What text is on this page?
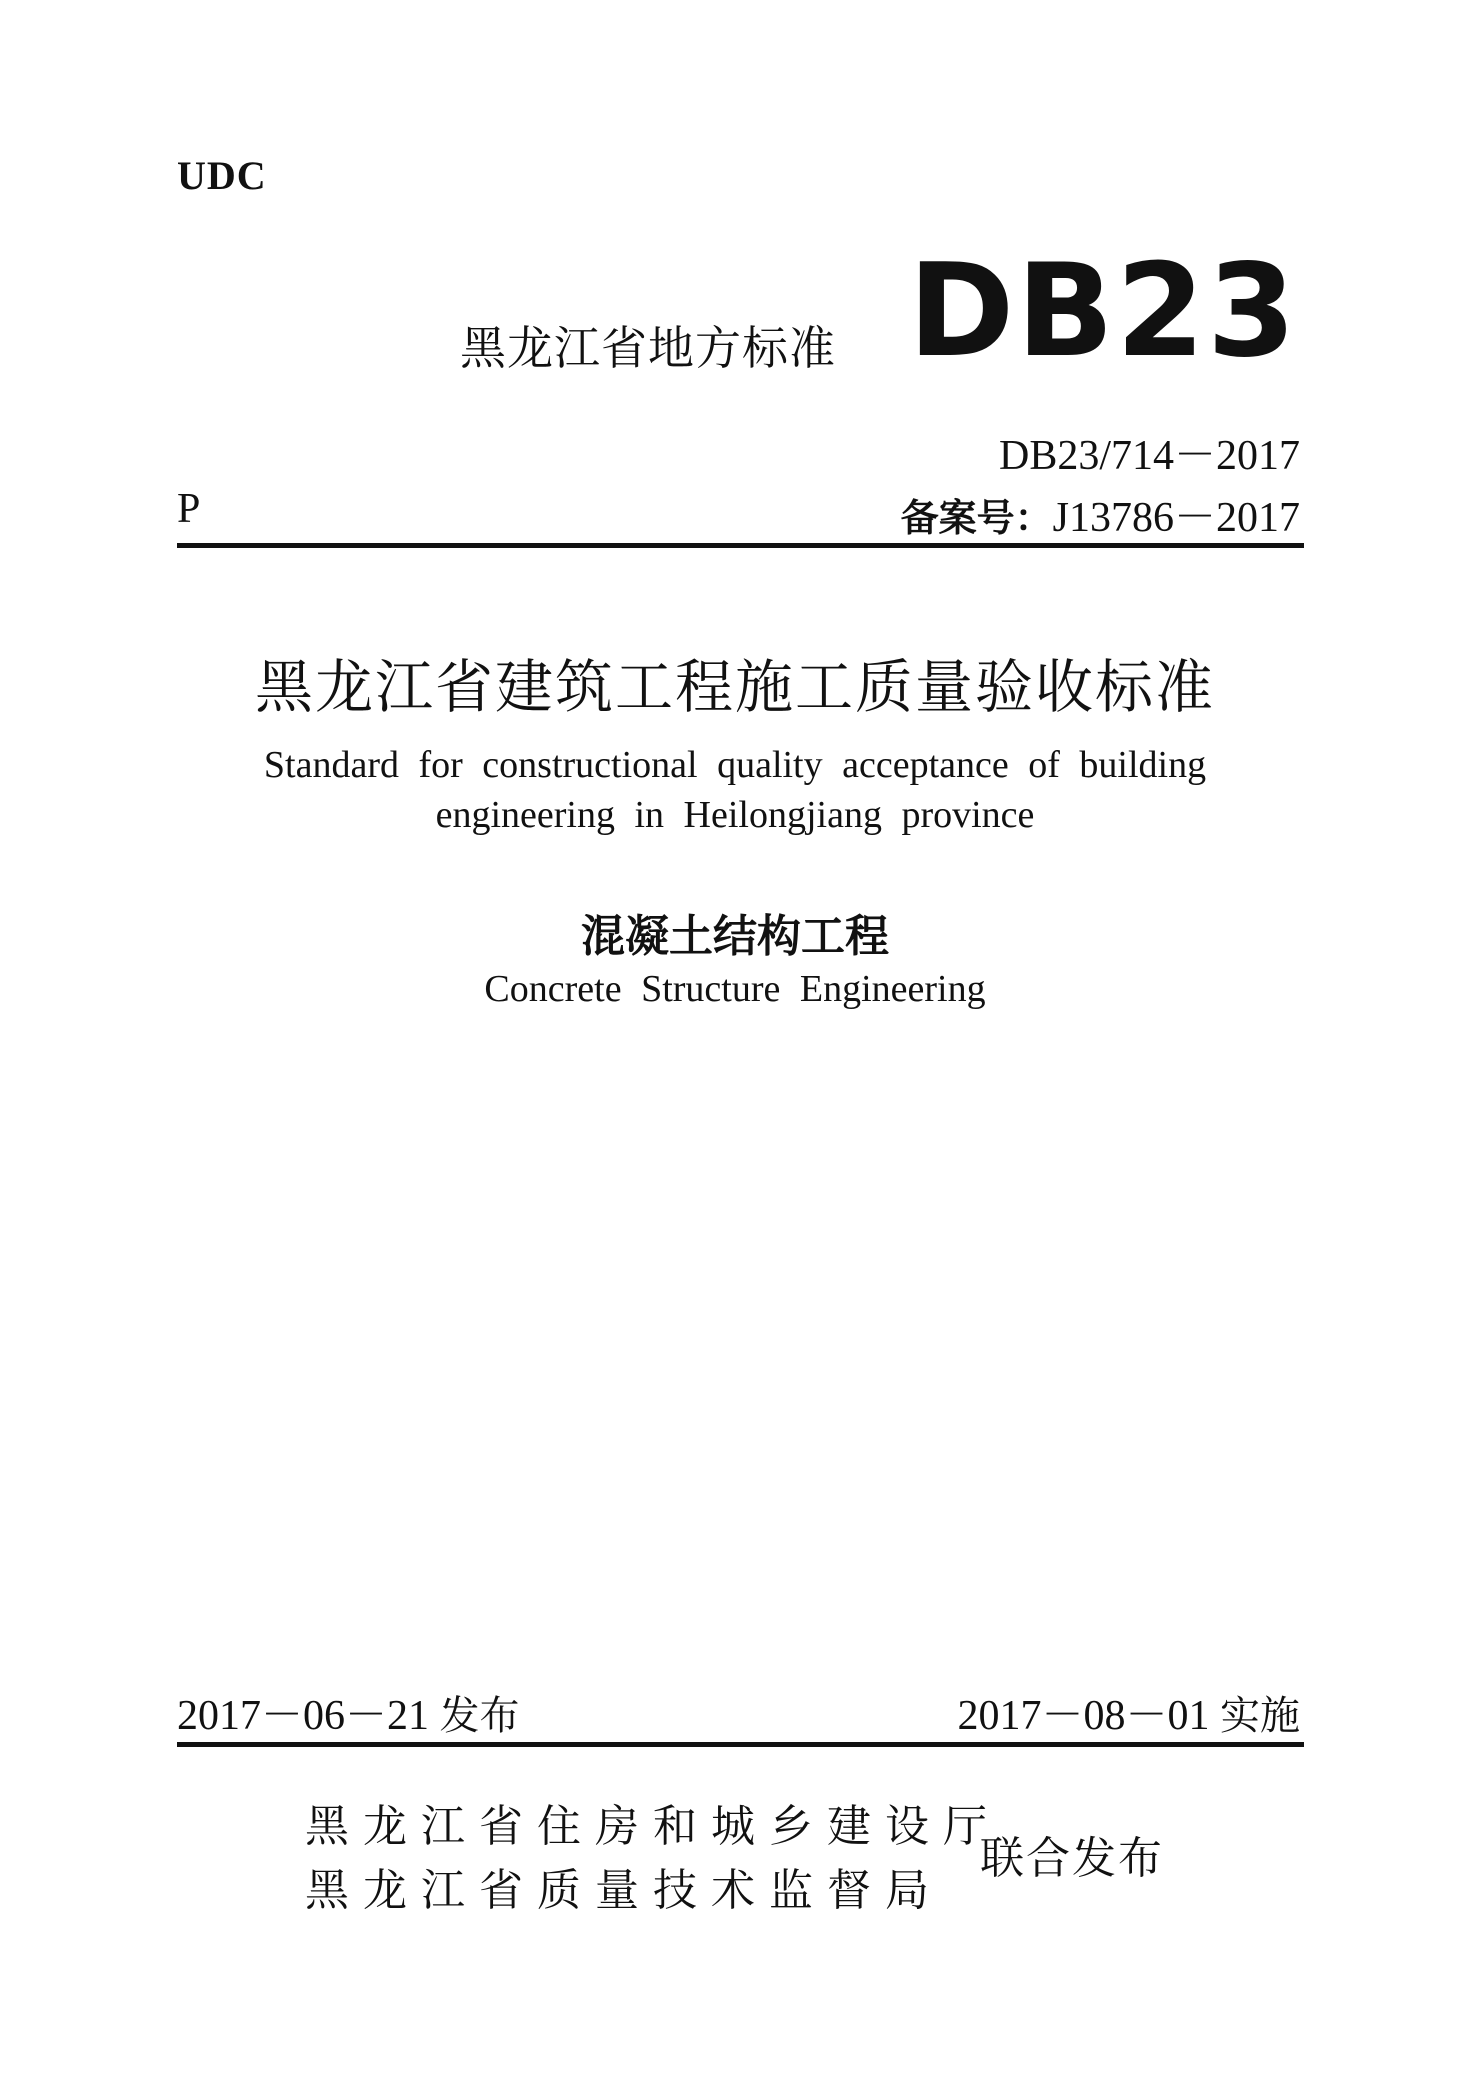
UDC
黑龙江省地方标准 DB23
DB23/714－2017
P	备案号：J13786－2017
黑龙江省建筑工程施工质量验收标准
Standard for constructional quality acceptance of building
engineering in Heilongjiang province
混凝土结构工程
Concrete Structure Engineering
2017－06－21 发布	2017－08－01 实施
黑龙江省住房和城乡建设厅
黑龙江省质量技术监督局
联合发布
